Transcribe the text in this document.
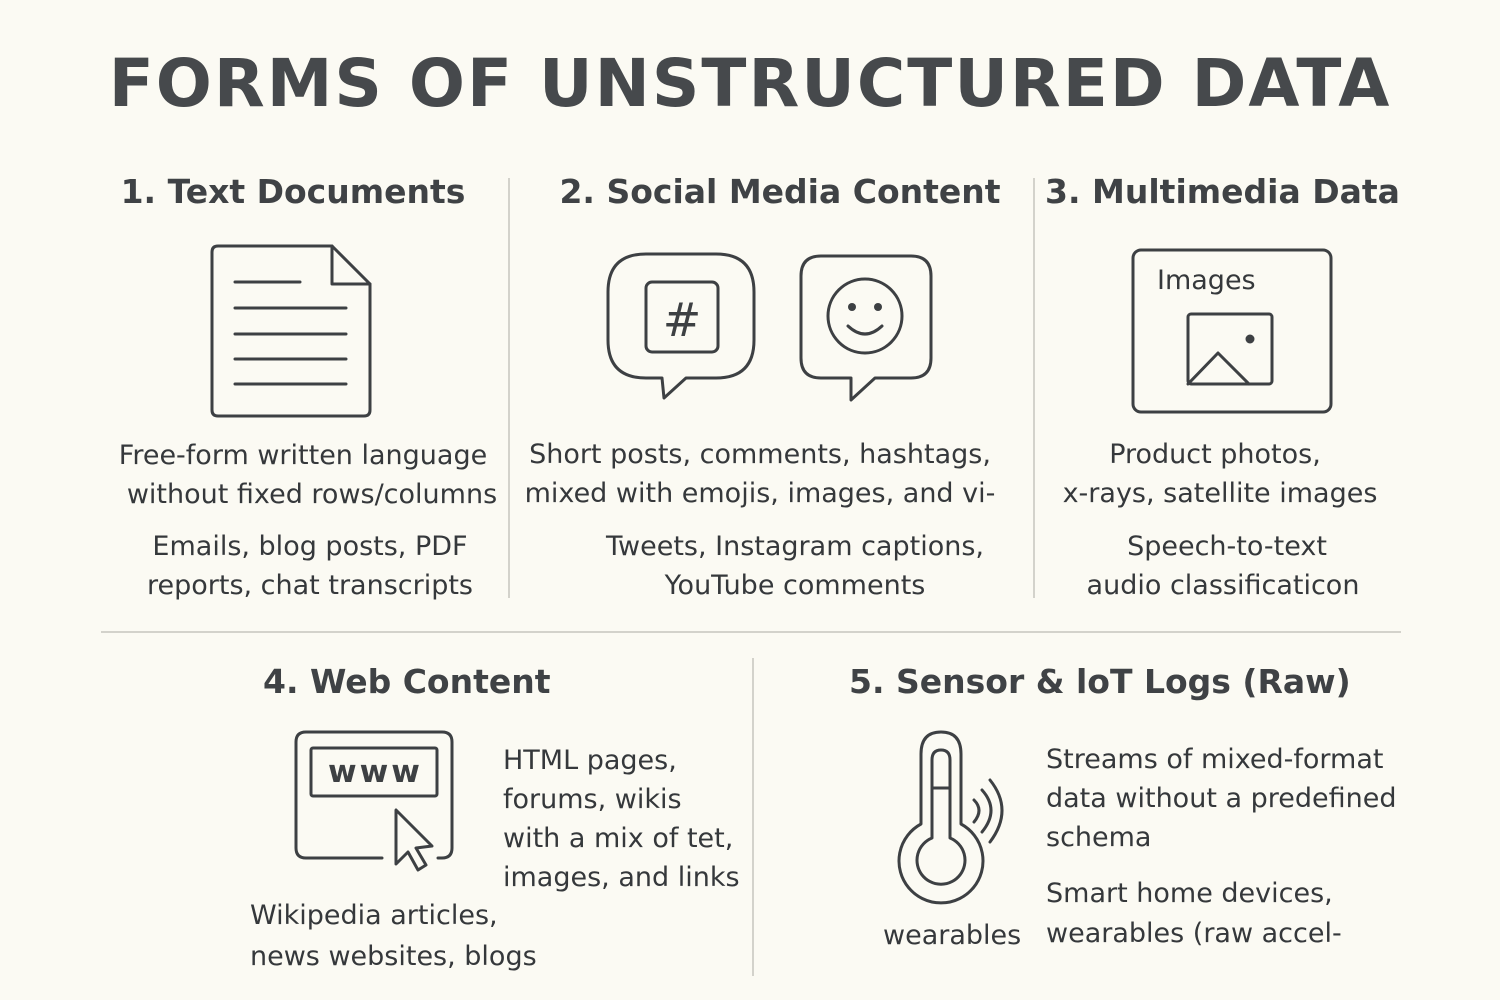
FORMS OF UNSTRUCTURED DATA
1. Text Documents
Free-form written language
without fixed rows/columns
Emails, blog posts, PDF
reports, chat transcripts
2. Social Media Content
#
Short posts, comments, hashtags,
mixed with emojis, images, and vi-
Tweets, Instagram captions,
YouTube comments
3. Multimedia Data
Images
Product photos,
x-rays, satellite images
Speech-to-text
audio classificaticon
4. Web Content
www	HTML pages,
forums, wikis
with a mix of tet,
images, and links
Wikipedia articles,
news websites, blogs
5. Sensor & loT Logs (Raw)
wearables
Streams of mixed-format
data without a predefined
schema
Smart home devices,
wearables (raw accel-
